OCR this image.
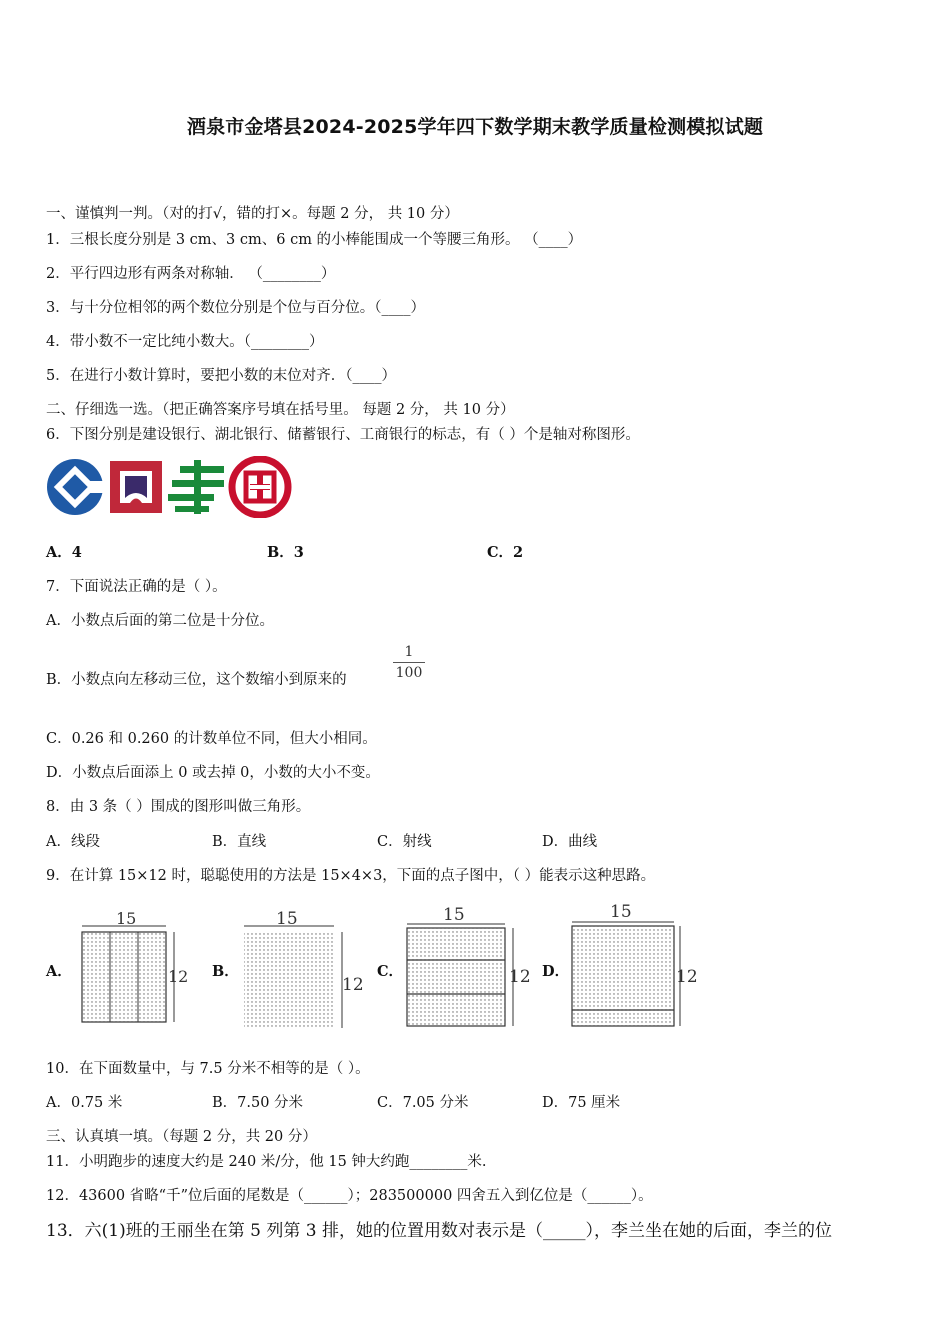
酒泉市金塔县2024-2025学年四下数学期末教学质量检测模拟试题
一、谨慎判一判。（对的打√，错的打×。每题 2 分， 共 10 分）
1．三根长度分别是 3 cm、3 cm、6 cm 的小棒能围成一个等腰三角形。 （____）
2．平行四边形有两条对称轴． （________）
3．与十分位相邻的两个数位分别是个位与百分位。（____）
4．带小数不一定比纯小数大。（________）
5．在进行小数计算时，要把小数的末位对齐．（____）
二、仔细选一选。（把正确答案序号填在括号里。 每题 2 分， 共 10 分）
6．下图分别是建设银行、湖北银行、储蓄银行、工商银行的标志，有（ ）个是轴对称图形。
A．4	B．3	C．2
7．下面说法正确的是（ ）。
A．小数点后面的第二位是十分位。
B．小数点向左移动三位，这个数缩小到原来的	$\frac{1}{100}$
C．0.26 和 0.260 的计数单位不同，但大小相同。
D．小数点后面添上 0 或去掉 0，小数的大小不变。
8．由 3 条（ ）围成的图形叫做三角形。
A．线段	B．直线	C．射线	D．曲线
9．在计算 15×12 时，聪聪使用的方法是 15×4×3，下面的点子图中，（ ）能表示这种思路。
A．	B．	C．	D．
15
12
15
12
15
12
15
12
10．在下面数量中，与 7.5 分米不相等的是（ ）。
A．0.75 米	B．7.50 分米	C．7.05 分米	D．75 厘米
三、认真填一填。（每题 2 分，共 20 分）
11．小明跑步的速度大约是 240 米/分，他 15 钟大约跑________米.
12．43600 省略“千”位后面的尾数是（______）；283500000 四舍五入到亿位是（______）。
13．六(1)班的王丽坐在第 5 列第 3 排，她的位置用数对表示是（_____），李兰坐在她的后面，李兰的位
